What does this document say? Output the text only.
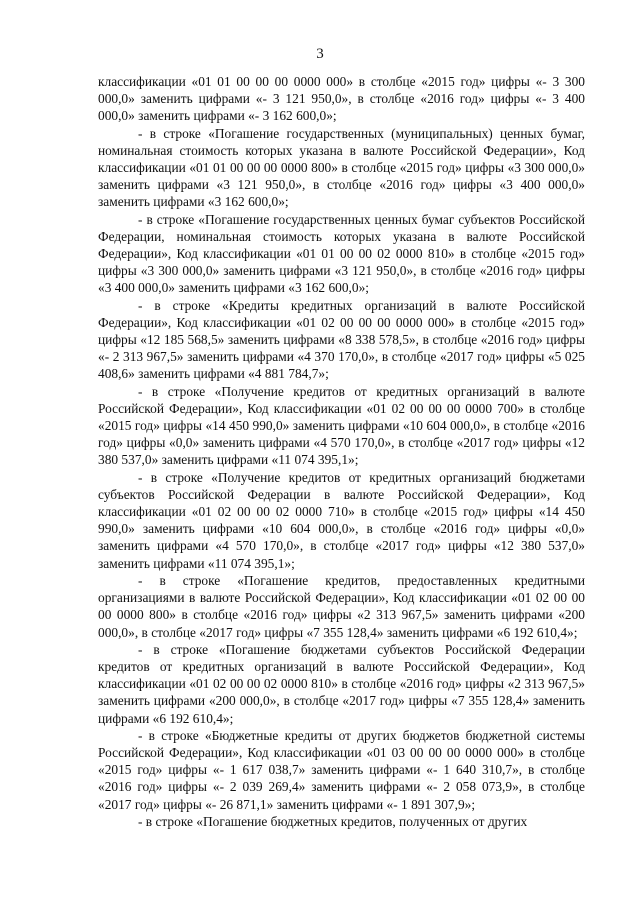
3

классификации «01 01 00 00 00 0000 000» в столбце «2015 год» цифры «- 3 300 000,0» заменить цифрами «- 3 121 950,0», в столбце «2016 год» цифры «- 3 400 000,0» заменить цифрами «- 3 162 600,0»;

- в строке «Погашение государственных (муниципальных) ценных бумаг, номинальная стоимость которых указана в валюте Российской Федерации», Код классификации «01 01 00 00 00 0000 800» в столбце «2015 год» цифры «3 300 000,0» заменить цифрами «3 121 950,0», в столбце «2016 год» цифры «3 400 000,0» заменить цифрами «3 162 600,0»;

- в строке «Погашение государственных ценных бумаг субъектов Российской Федерации, номинальная стоимость которых указана в валюте Российской Федерации», Код классификации «01 01 00 00 02 0000 810» в столбце «2015 год» цифры «3 300 000,0» заменить цифрами «3 121 950,0», в столбце «2016 год» цифры «3 400 000,0» заменить цифрами «3 162 600,0»;

- в строке «Кредиты кредитных организаций в валюте Российской Федерации», Код классификации «01 02 00 00 00 0000 000» в столбце «2015 год» цифры «12 185 568,5» заменить цифрами «8 338 578,5», в столбце «2016 год» цифры «- 2 313 967,5» заменить цифрами «4 370 170,0», в столбце «2017 год» цифры «5 025 408,6» заменить цифрами «4 881 784,7»;

- в строке «Получение кредитов от кредитных организаций в валюте Российской Федерации», Код классификации «01 02 00 00 00 0000 700» в столбце «2015 год» цифры «14 450 990,0» заменить цифрами «10 604 000,0», в столбце «2016 год» цифры «0,0» заменить цифрами «4 570 170,0», в столбце «2017 год» цифры «12 380 537,0» заменить цифрами «11 074 395,1»;

- в строке «Получение кредитов от кредитных организаций бюджетами субъектов Российской Федерации в валюте Российской Федерации», Код классификации «01 02 00 00 02 0000 710» в столбце «2015 год» цифры «14 450 990,0» заменить цифрами «10 604 000,0», в столбце «2016 год» цифры «0,0» заменить цифрами «4 570 170,0», в столбце «2017 год» цифры «12 380 537,0» заменить цифрами «11 074 395,1»;

- в строке «Погашение кредитов, предоставленных кредитными организациями в валюте Российской Федерации», Код классификации «01 02 00 00 00 0000 800» в столбце «2016 год» цифры «2 313 967,5» заменить цифрами «200 000,0», в столбце «2017 год» цифры «7 355 128,4» заменить цифрами «6 192 610,4»;

- в строке «Погашение бюджетами субъектов Российской Федерации кредитов от кредитных организаций в валюте Российской Федерации», Код классификации «01 02 00 00 02 0000 810» в столбце «2016 год» цифры «2 313 967,5» заменить цифрами «200 000,0», в столбце «2017 год» цифры «7 355 128,4» заменить цифрами «6 192 610,4»;

- в строке «Бюджетные кредиты от других бюджетов бюджетной системы Российской Федерации», Код классификации «01 03 00 00 00 0000 000» в столбце «2015 год» цифры «- 1 617 038,7» заменить цифрами «- 1 640 310,7», в столбце «2016 год» цифры «- 2 039 269,4» заменить цифрами «- 2 058 073,9», в столбце «2017 год» цифры «- 26 871,1» заменить цифрами «- 1 891 307,9»;

- в строке «Погашение бюджетных кредитов, полученных от других
